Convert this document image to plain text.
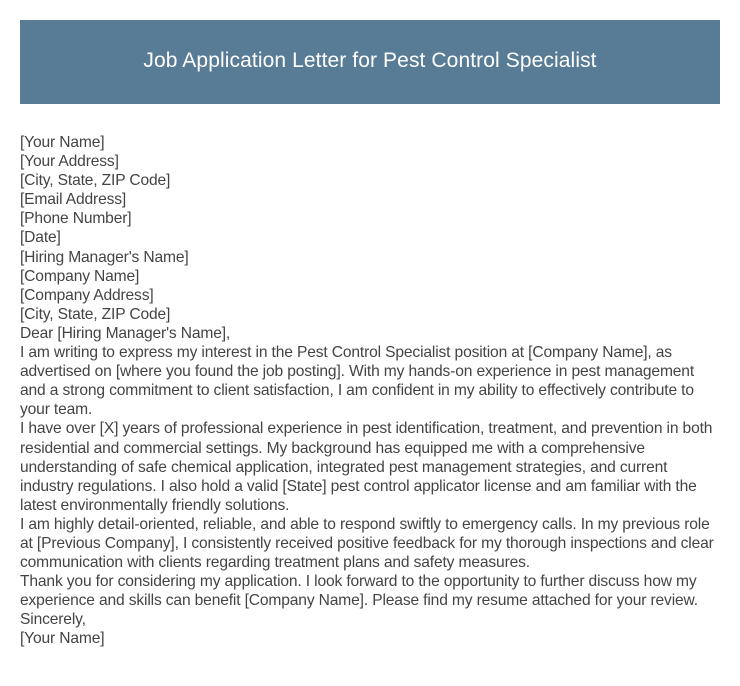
Job Application Letter for Pest Control Specialist
[Your Name]
[Your Address]
[City, State, ZIP Code]
[Email Address]
[Phone Number]
[Date]
[Hiring Manager's Name]
[Company Name]
[Company Address]
[City, State, ZIP Code]
Dear [Hiring Manager's Name],

I am writing to express my interest in the Pest Control Specialist position at [Company Name], as advertised on [where you found the job posting]. With my hands-on experience in pest management and a strong commitment to client satisfaction, I am confident in my ability to effectively contribute to your team.

I have over [X] years of professional experience in pest identification, treatment, and prevention in both residential and commercial settings. My background has equipped me with a comprehensive understanding of safe chemical application, integrated pest management strategies, and current industry regulations. I also hold a valid [State] pest control applicator license and am familiar with the latest environmentally friendly solutions.

I am highly detail-oriented, reliable, and able to respond swiftly to emergency calls. In my previous role at [Previous Company], I consistently received positive feedback for my thorough inspections and clear communication with clients regarding treatment plans and safety measures.

Thank you for considering my application. I look forward to the opportunity to further discuss how my experience and skills can benefit [Company Name]. Please find my resume attached for your review.

Sincerely,
[Your Name]
